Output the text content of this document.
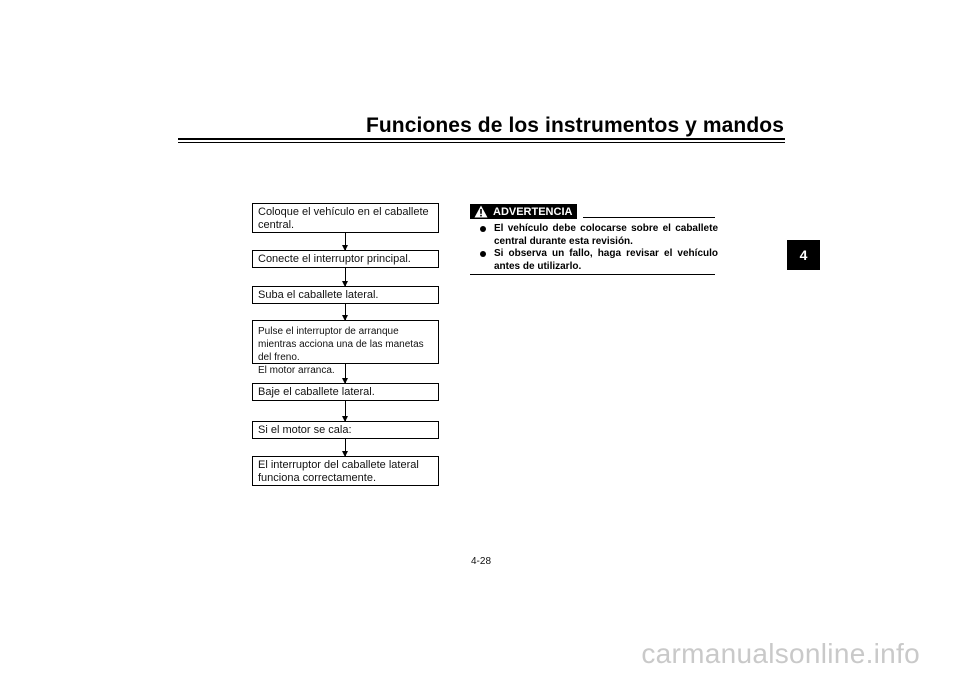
Funciones de los instrumentos y mandos
4
Coloque el vehículo en el caballete central.
Conecte el interruptor principal.
Suba el caballete lateral.
Pulse el interruptor de arranque mientras acciona una de las manetas del freno.
El motor arranca.
Baje el caballete lateral.
Si el motor se cala:
El interruptor del caballete lateral funciona correctamente.
ADVERTENCIA
El vehículo debe colocarse sobre el caballete central durante esta revisión.
Si observa un fallo, haga revisar el vehículo antes de utilizarlo.
4-28
carmanualsonline.info
